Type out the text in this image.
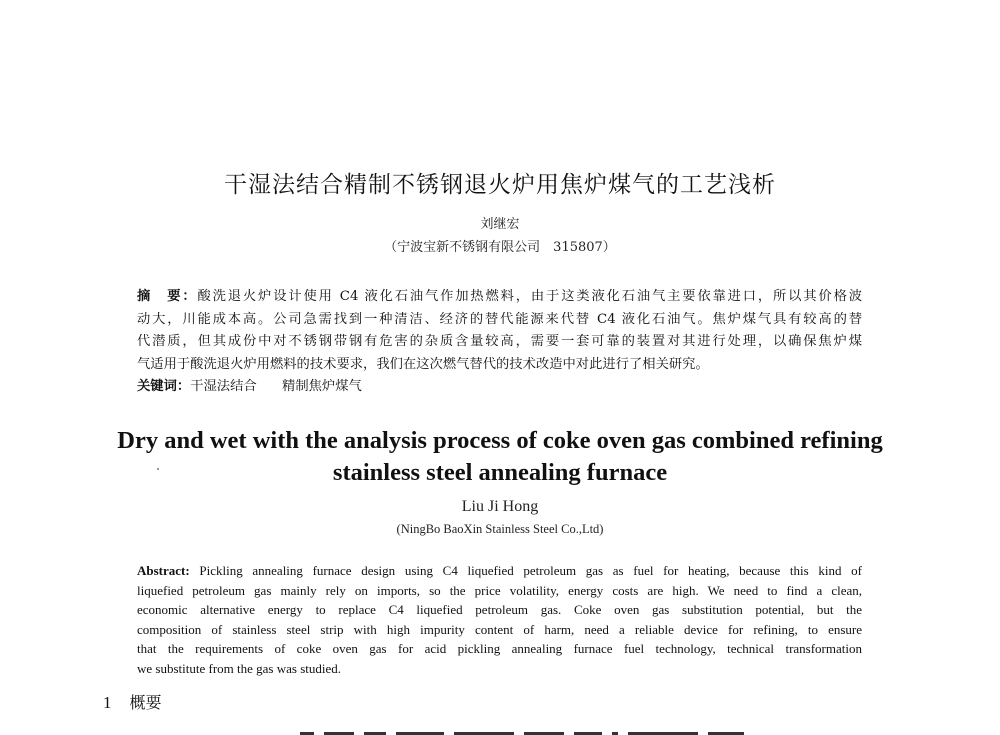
干湿法结合精制不锈钢退火炉用焦炉煤气的工艺浅析
刘继宏
（宁波宝新不锈钢有限公司　315807）
摘　要：酸洗退火炉设计使用 C4 液化石油气作加热燃料，由于这类液化石油气主要依靠进口，所以其价格波
动大，川能成本高。公司急需找到一种清洁、经济的替代能源来代替 C4 液化石油气。焦炉煤气具有较高的替
代潜质，但其成份中对不锈钢带钢有危害的杂质含量较高，需要一套可靠的装置对其进行处理，以确保焦炉煤
气适用于酸洗退火炉用燃料的技术要求，我们在这次燃气替代的技术改造中对此进行了相关研究。
关键词：干湿法结合 精制焦炉煤气
Dry and wet with the analysis process of coke oven gas combined refining
stainless steel annealing furnace
Liu Ji Hong
(NingBo BaoXin Stainless Steel Co.,Ltd)
Abstract: Pickling annealing furnace design using C4 liquefied petroleum gas as fuel for heating, because this kind of
liquefied petroleum gas mainly rely on imports, so the price volatility, energy costs are high. We need to find a clean,
economic alternative energy to replace C4 liquefied petroleum gas. Coke oven gas substitution potential, but the
composition of stainless steel strip with high impurity content of harm, need a reliable device for refining, to ensure
that the requirements of coke oven gas for acid pickling annealing furnace fuel technology, technical transformation
we substitute from the gas was studied.
1 概要
